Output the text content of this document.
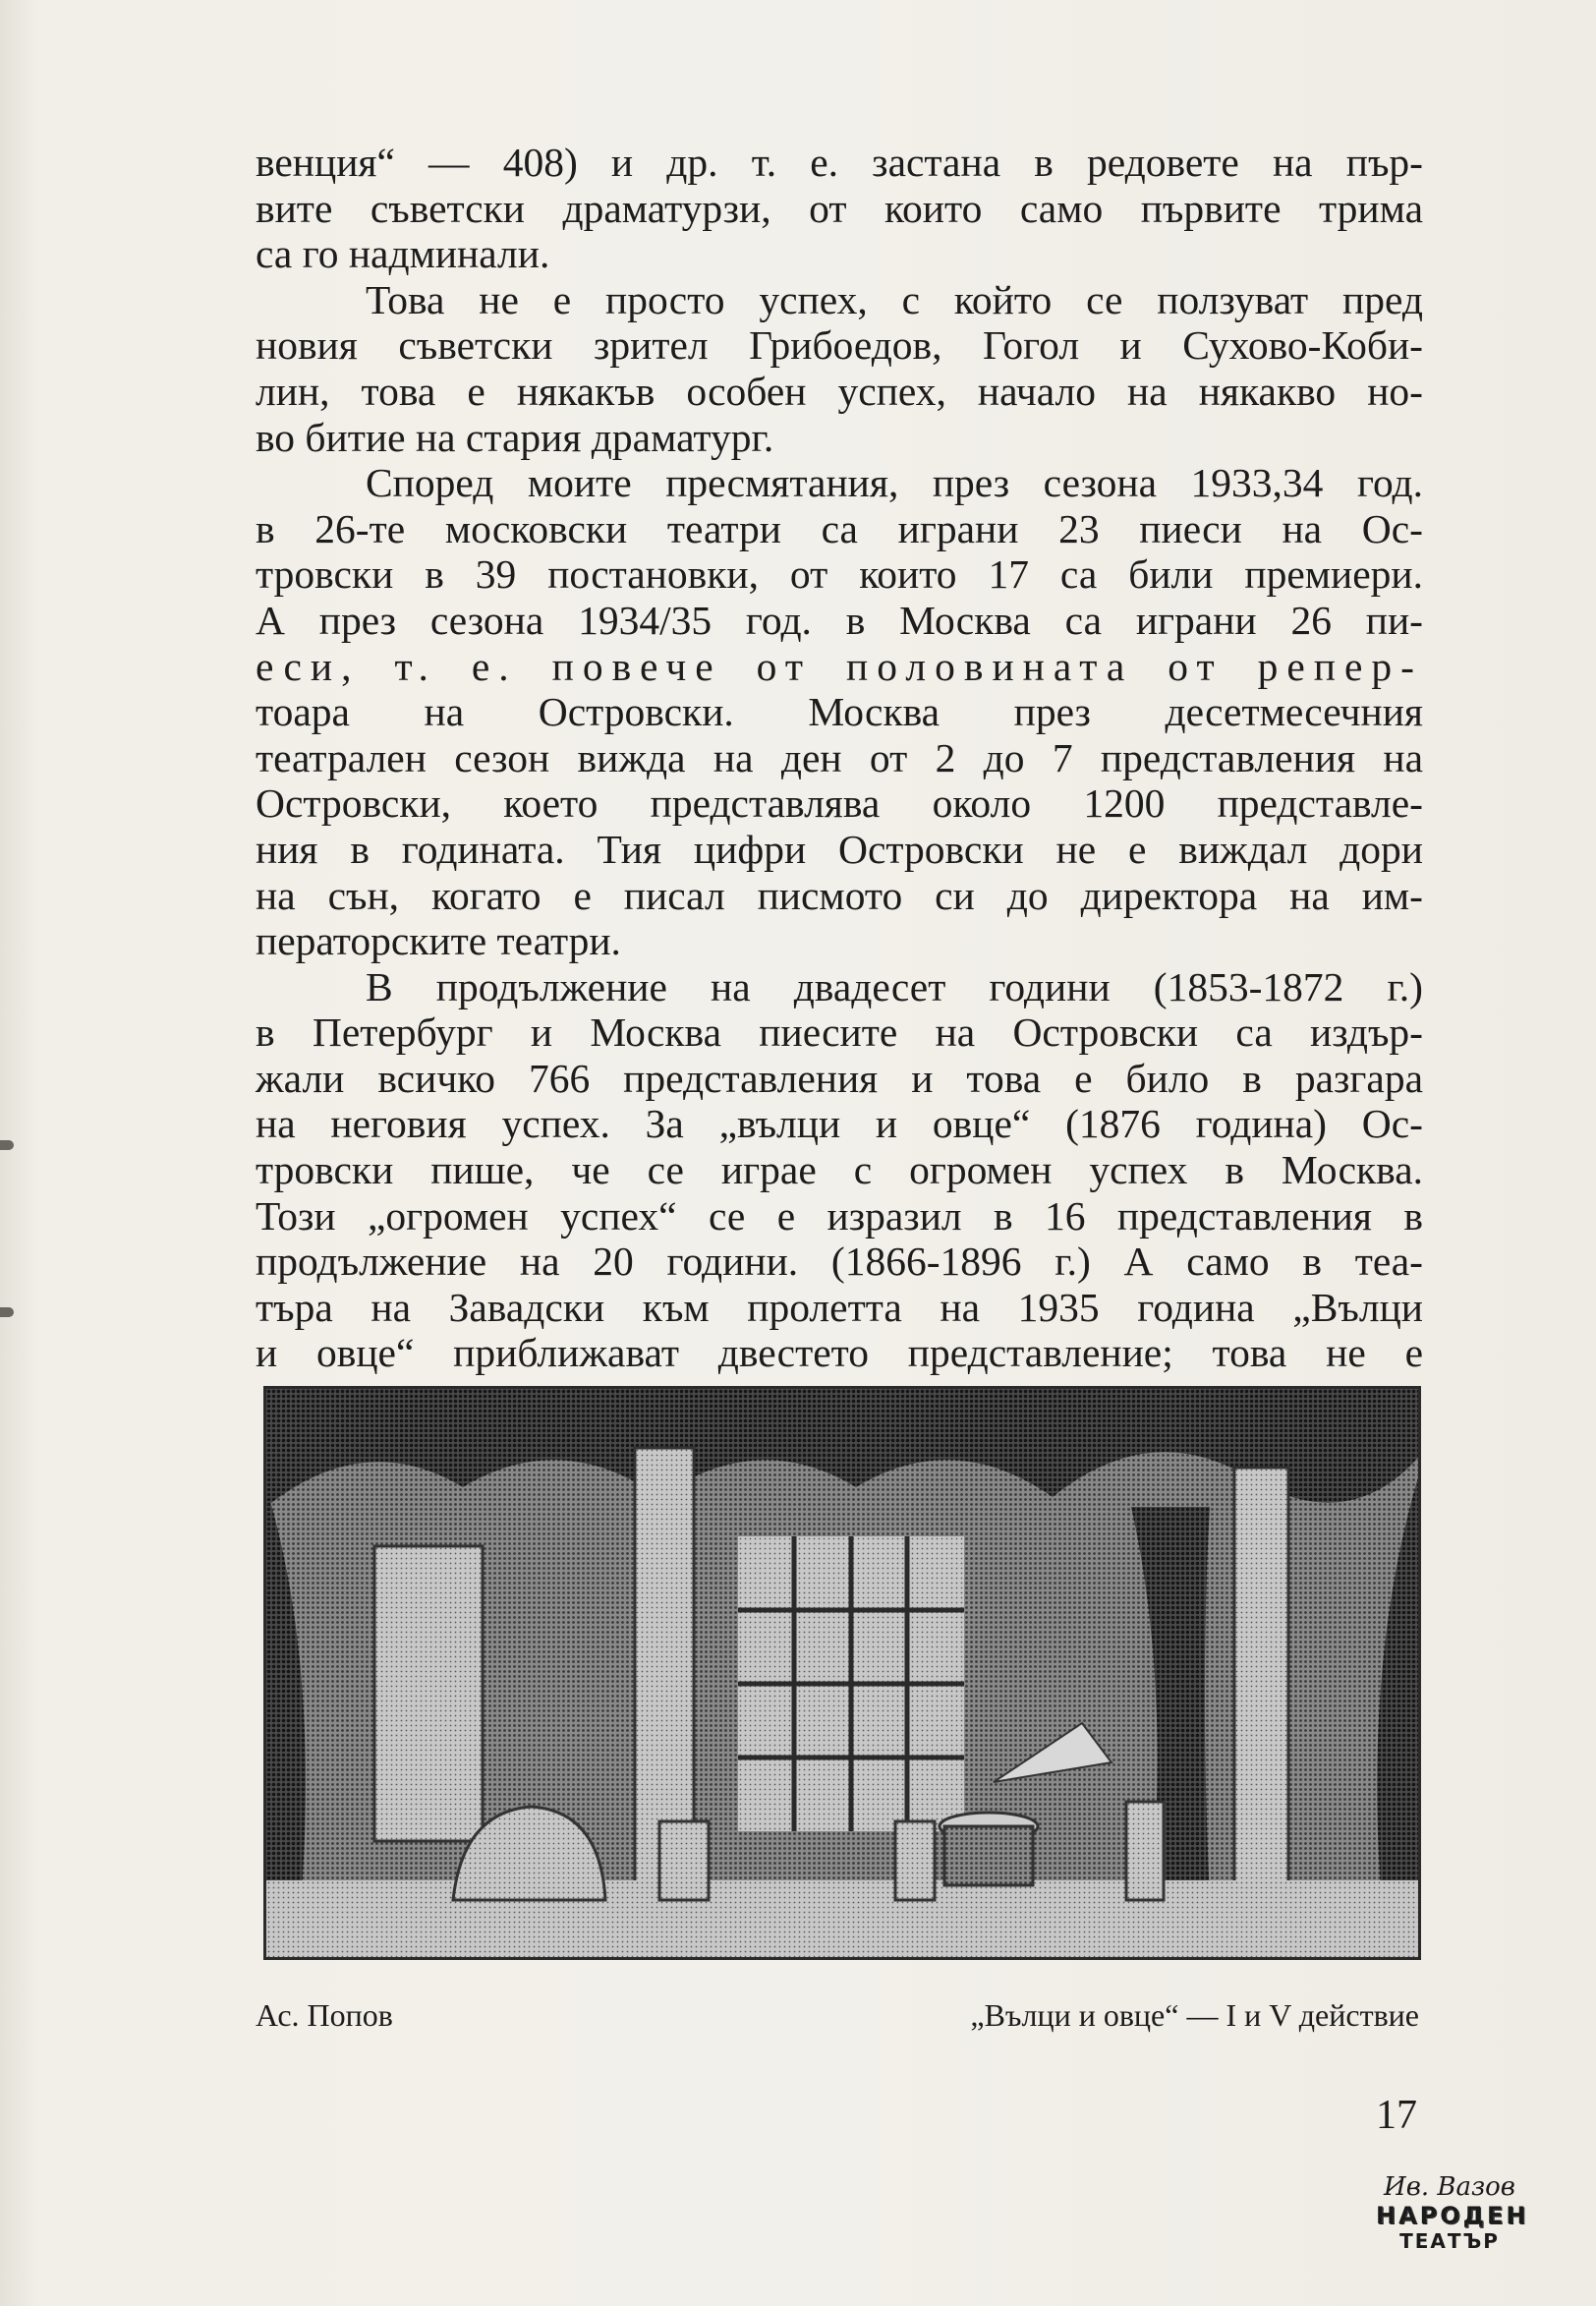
венция“ — 408) и др. т. е. застана в редовете на пър-
вите съветски драматурзи, от които само първите трима
са го надминали.
Това не е просто успех, с който се ползуват пред
новия съветски зрител Грибоедов, Гогол и Сухово-Коби-
лин, това е някакъв особен успех, начало на някакво но-
во битие на стария драматург.
Според моите пресмятания, през сезона 1933,34 год.
в 26-те московски театри са играни 23 пиеси на Ос-
тровски в 39 постановки, от които 17 са били премиери.
А през сезона 1934/35 год. в Москва са играни 26 пи-
еси, т. е. повече от половината от репер-
тоара на Островски. Москва през десетмесечния
театрален сезон вижда на ден от 2 до 7 представления на
Островски, което представлява около 1200 представле-
ния в годината. Тия цифри Островски не е виждал дори
на сън, когато е писал писмото си до директора на им-
ператорските театри.
В продължение на двадесет години (1853-1872 г.)
в Петербург и Москва пиесите на Островски са издър-
жали всичко 766 представления и това е било в разгара
на неговия успех. За „вълци и овце“ (1876 година) Ос-
тровски пише, че се играе с огромен успех в Москва.
Този „огромен успех“ се е изразил в 16 представления в
продължение на 20 години. (1866-1896 г.) А само в теа-
търа на Завадски към пролетта на 1935 година „Вълци
и овце“ приближават двестето представление; това не е
Ас. Попов	„Вълци и овце“ — I и V действие
17
Ив. Вазов
НАРОДЕН
ТЕАТЪР
